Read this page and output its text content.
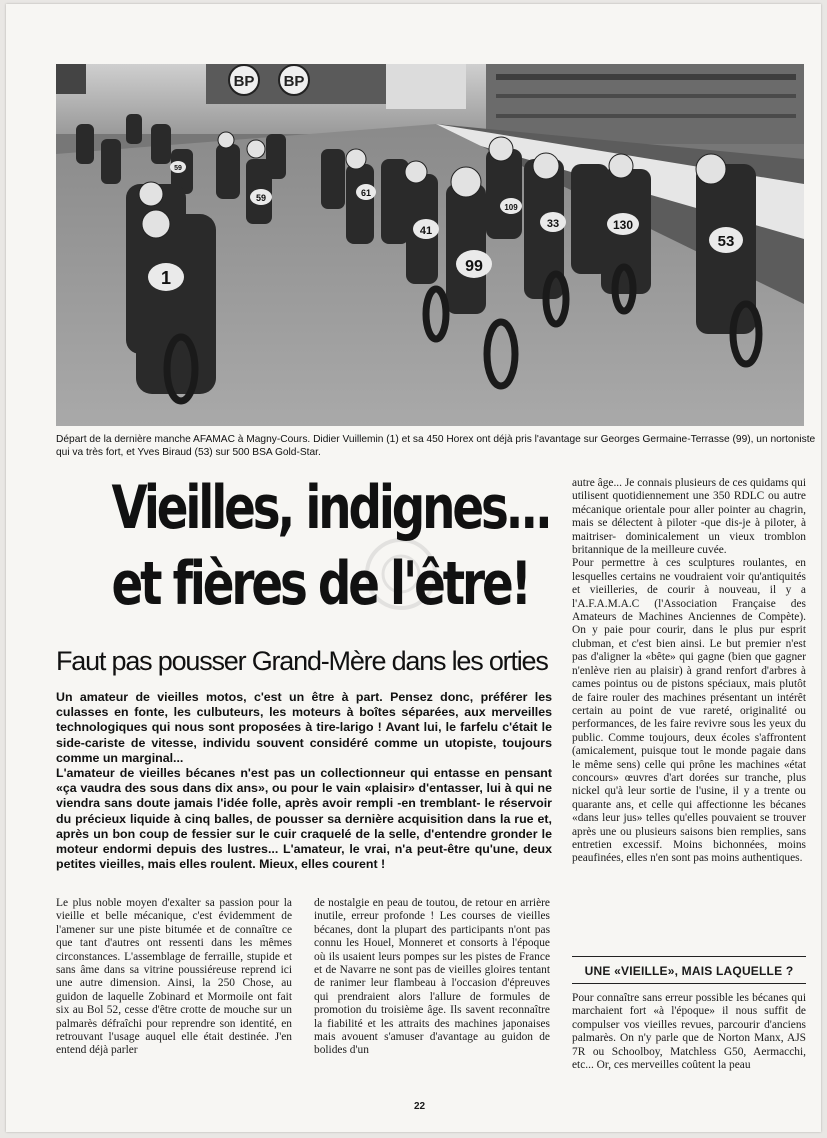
BP BP
1
99
41
53
130
33
59	61
109
59
Départ de la dernière manche AFAMAC à Magny-Cours. Didier Vuillemin (1) et sa 450 Horex ont déjà pris l'avantage sur Georges Germaine-Terrasse (99), un nortoniste qui va très fort, et Yves Biraud (53) sur 500 BSA Gold-Star.
Vieilles, indignes...
et fières de l'être!
Faut pas pousser Grand-Mère dans les orties

Un amateur de vieilles motos, c'est un être à part. Pensez donc, préférer les culasses en fonte, les culbuteurs, les moteurs à boîtes séparées, aux merveilles technologiques qui nous sont proposées à tire-larigo ! Avant lui, le farfelu c'était le side-cariste de vitesse, individu souvent considéré comme un utopiste, toujours comme un marginal...

L'amateur de vieilles bécanes n'est pas un collectionneur qui entasse en pensant «ça vaudra des sous dans dix ans», ou pour le vain «plaisir» d'entasser, lui à qui ne viendra sans doute jamais l'idée folle, après avoir rempli -en tremblant- le réservoir du précieux liquide à cinq balles, de pousser sa dernière acquisition dans la rue et, après un bon coup de fessier sur le cuir craquelé de la selle, d'entendre gronder le moteur endormi depuis des lustres... L'amateur, le vrai, n'a peut-être qu'une, deux petites vieilles, mais elles roulent. Mieux, elles courent !

Le plus noble moyen d'exalter sa passion pour la vieille et belle mécanique, c'est évidemment de l'amener sur une piste bitumée et de connaître ce que tant d'autres ont ressenti dans les mêmes circonstances. L'assemblage de ferraille, stupide et sans âme dans sa vitrine poussiéreuse reprend ici une autre dimension. Ainsi, la 250 Chose, au guidon de laquelle Zobinard et Mormoile ont fait six au Bol 52, cesse d'être crotte de mouche sur un palmarès défraîchi pour reprendre son identité, en retrouvant l'usage auquel elle était destinée. J'en entend déjà parler

de nostalgie en peau de toutou, de retour en arrière inutile, erreur profonde ! Les courses de vieilles bécanes, dont la plupart des participants n'ont pas connu les Houel, Monneret et consorts à l'époque où ils usaient leurs pompes sur les pistes de France et de Navarre ne sont pas de vieilles gloires tentant de ranimer leur flambeau à l'occasion d'épreuves qui prendraient alors l'allure de formules de promotion du troisième âge. Ils savent reconnaître la fiabilité et les attraits des machines japonaises mais avouent s'amuser d'avantage au guidon de bolides d'un

autre âge... Je connais plusieurs de ces quidams qui utilisent quotidiennement une 350 RDLC ou autre mécanique orientale pour aller pointer au chagrin, mais se délectent à piloter -que dis-je à piloter, à maitriser- dominicalement un vieux tromblon britannique de la meilleure cuvée.

Pour permettre à ces sculptures roulantes, en lesquelles certains ne voudraient voir qu'antiquités et vieilleries, de courir à nouveau, il y a l'A.F.A.M.A.C (l'Association Française des Amateurs de Machines Anciennes de Compète). On y paie pour courir, dans le plus pur esprit clubman, et c'est bien ainsi. Le but premier n'est pas d'aligner la «bête» qui gagne (bien que gagner n'enlève rien au plaisir) à grand renfort d'arbres à cames pointus ou de pistons spéciaux, mais plutôt de faire rouler des machines présentant un intérêt certain au point de vue rareté, originalité ou performances, de les faire revivre sous les yeux du public. Comme toujours, deux écoles s'affrontent (amicalement, puisque tout le monde pagaie dans le même sens) celle qui prône les machines «état concours» œuvres d'art dorées sur tranche, plus nickel qu'à leur sortie de l'usine, il y a trente ou quarante ans, et celle qui affectionne les bécanes «dans leur jus» telles qu'elles pouvaient se trouver après une ou plusieurs saisons bien remplies, sans entretien excessif. Moins bichonnées, moins peaufinées, elles n'en sont pas moins authentiques.

UNE «VIEILLE», MAIS LAQUELLE ?

Pour connaître sans erreur possible les bécanes qui marchaient fort «à l'époque» il nous suffit de compulser vos vieilles revues, parcourir d'anciens palmarès. On n'y parle que de Norton Manx, AJS 7R ou Schoolboy, Matchless G50, Aermacchi, etc... Or, ces merveilles coûtent la peau

22
